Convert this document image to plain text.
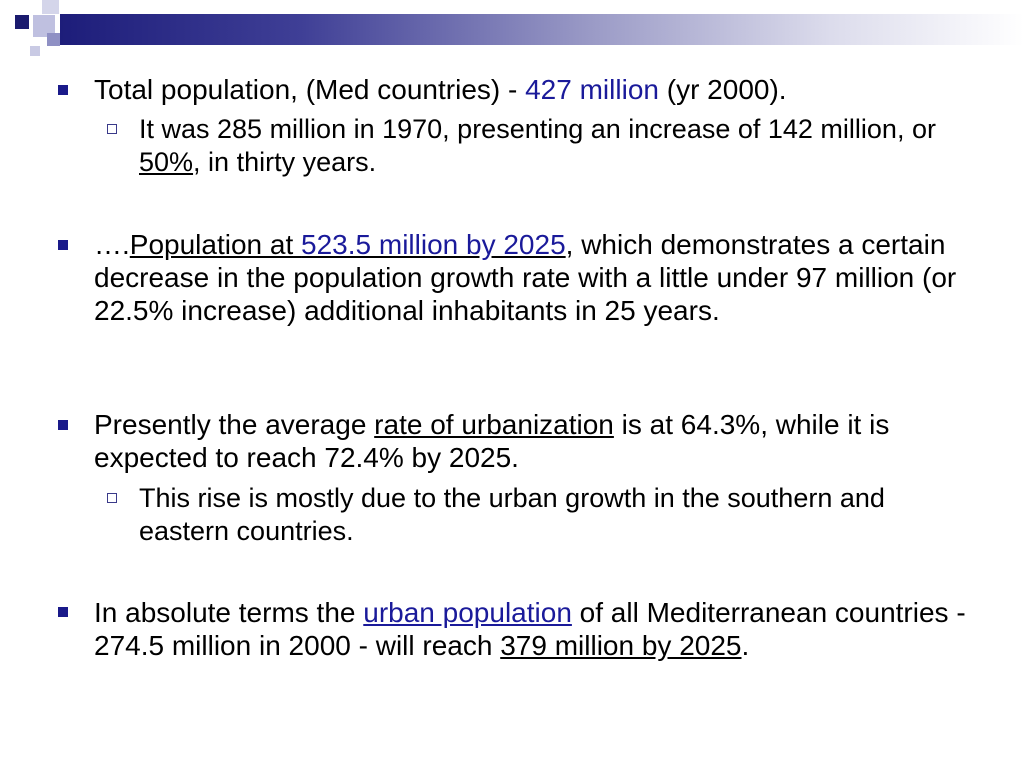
Total population, (Med countries) - 427 million (yr 2000).
It was 285 million in 1970, presenting an increase of 142 million, or 50%, in thirty years.
….Population at 523.5 million by 2025, which demonstrates a certain decrease in the population growth rate with a little under 97 million (or 22.5% increase) additional inhabitants in 25 years.
Presently the average rate of urbanization is at 64.3%, while it is expected to reach 72.4% by 2025.
This rise is mostly due to the urban growth in the southern and eastern countries.
In absolute terms the urban population of all Mediterranean countries - 274.5 million in 2000 - will reach 379 million by 2025.
